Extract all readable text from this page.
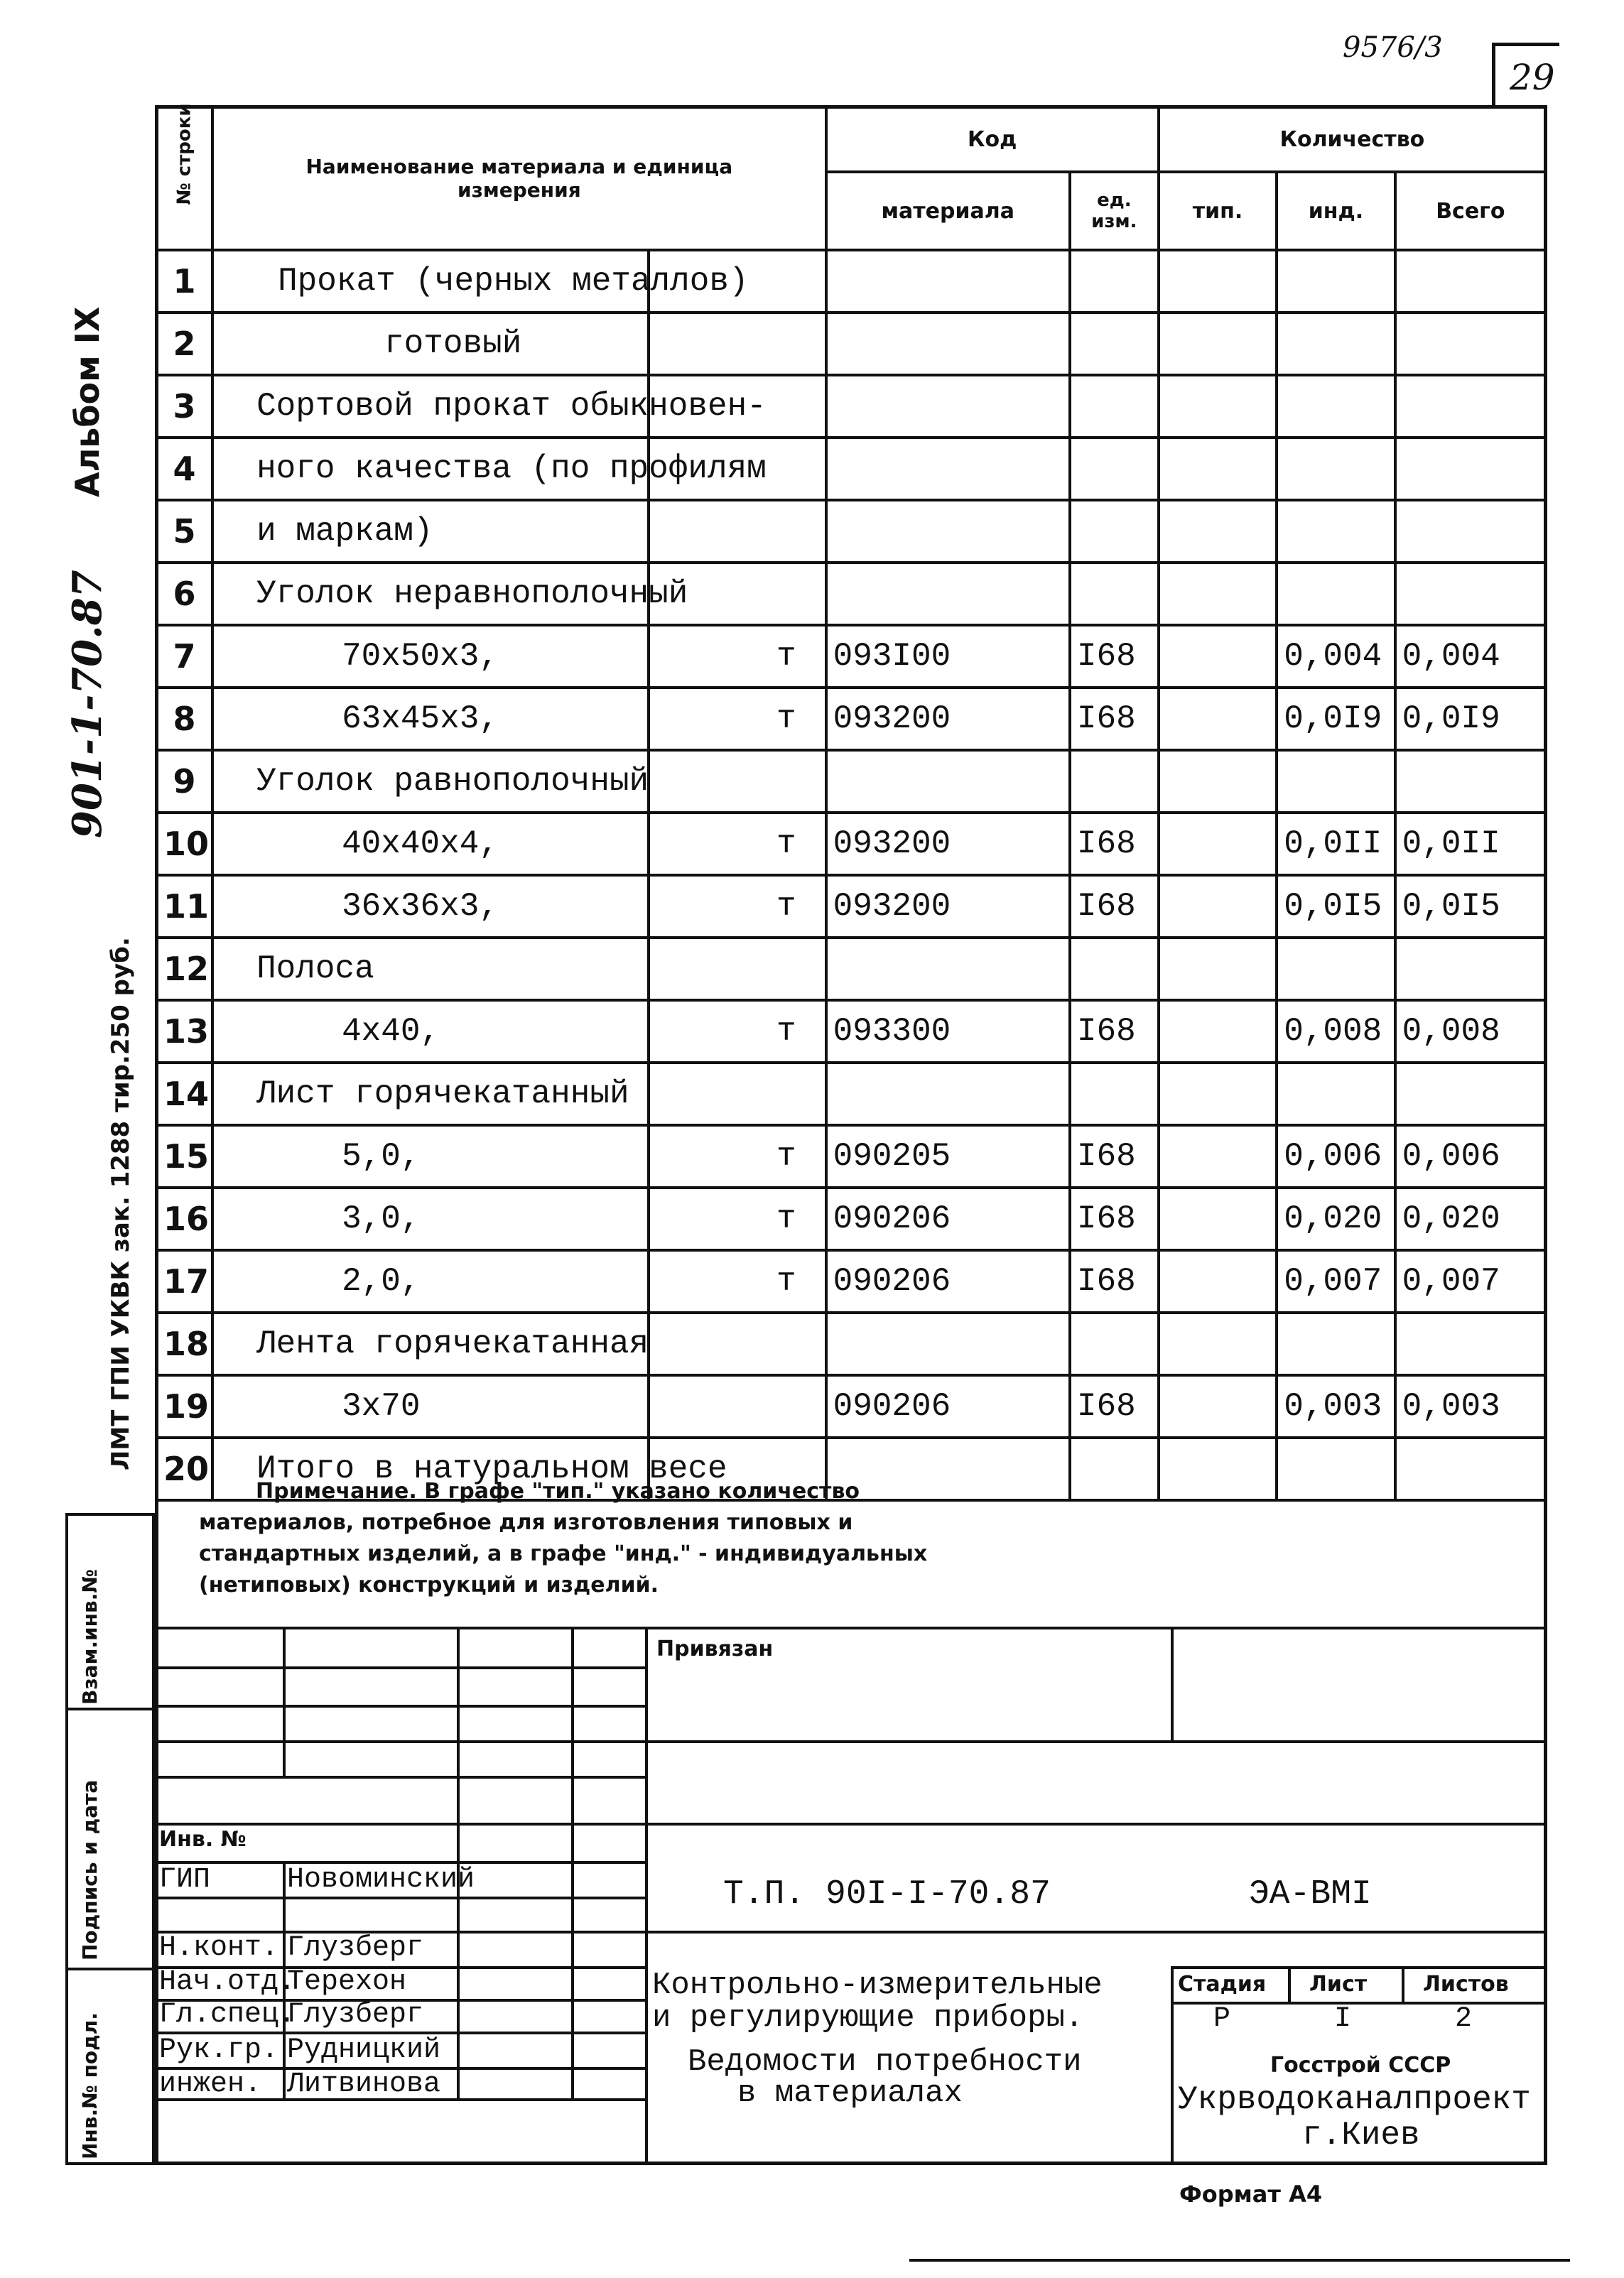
9576/3
29
Альбом IX
901-1-70.87
ЛМТ ГПИ УКВК зак. 1288 тир.250 руб.
№ строки	Наименование материала и единица измерения		Код		Количество		
			материала	ед. изм.	тип.	инд.	Всего
1	Прокат (черных металлов)						
2	готовый						
3	Сортовой прокат обыкновен-						
4	ного качества (по профилям						
5	и маркам)						
6	Уголок неравнополочный						
7	70x50x3,	т	093I00	I68		0,004	0,004
8	63x45x3,	т	093200	I68		0,0I9	0,0I9
9	Уголок равнополочный						
10	40x40x4,	т	093200	I68		0,0II	0,0II
11	36x36x3,	т	093200	I68		0,0I5	0,0I5
12	Полоса						
13	4x40,	т	093300	I68		0,008	0,008
14	Лист горячекатанный						
15	5,0,	т	090205	I68		0,006	0,006
16	3,0,	т	090206	I68		0,020	0,020
17	2,0,	т	090206	I68		0,007	0,007
18	Лента горячекатанная						
19	3x70		090206	I68		0,003	0,003
20	Итого в натуральном весе						
Примечание. В графе "тип." указано количество материалов, потребное для изготовления типовых и стандартных изделий, а в графе "инд." - индивидуальных (нетиповых) конструкций и изделий.
Взам.инв.№
Подпись и дата
Инв.№ подл.
Привязан
Инв. №
Т.П. 90I-I-70.87	ЭА-ВМI
ГИП	Новоминский
Н.конт. Глузберг
Нач.отд.
Терехон
Гл.спец.
Глузберг
Рук.гр. Рудницкий
инжен. Литвинова
Контрольно-измерительные
и регулирующие приборы.
Ведомости потребности
в материалах
Стадия Лист	Листов
Р	I	2
Госстрой СССР
Укрводоканалпроект
г.Киев
Формат А4
